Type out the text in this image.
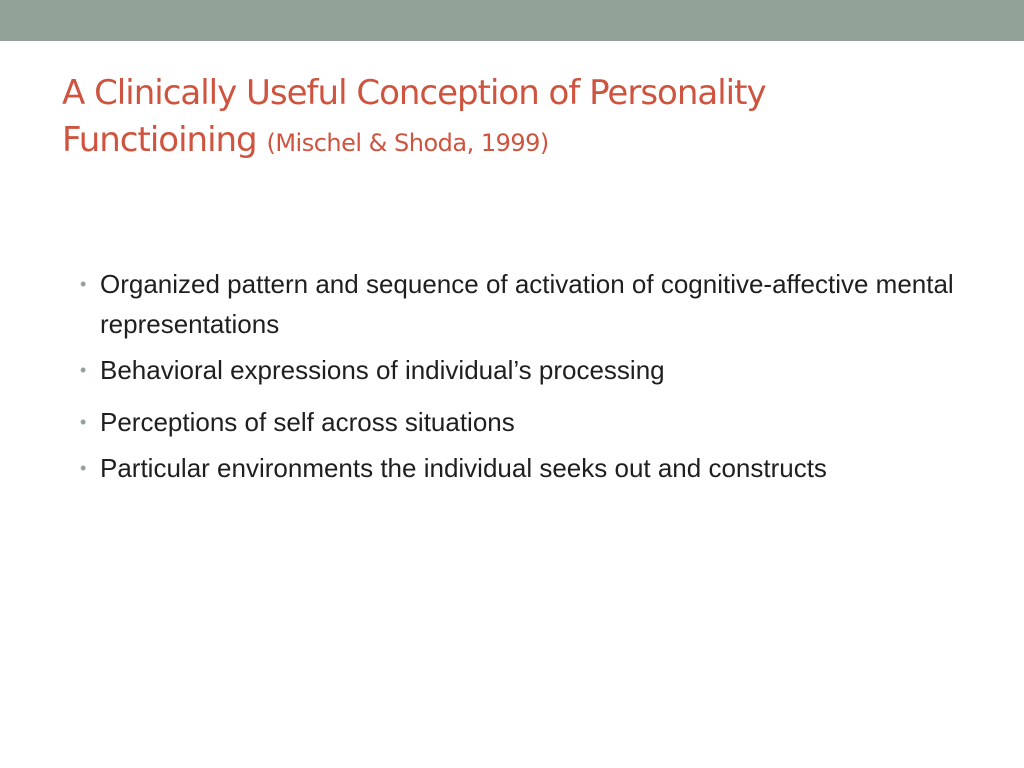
A Clinically Useful Conception of Personality
Functioining (Mischel & Shoda, 1999)
• Organized pattern and sequence of activation of cognitive-affective mental representations
• Behavioral expressions of individual’s processing
• Perceptions of self across situations
• Particular environments the individual seeks out and constructs
